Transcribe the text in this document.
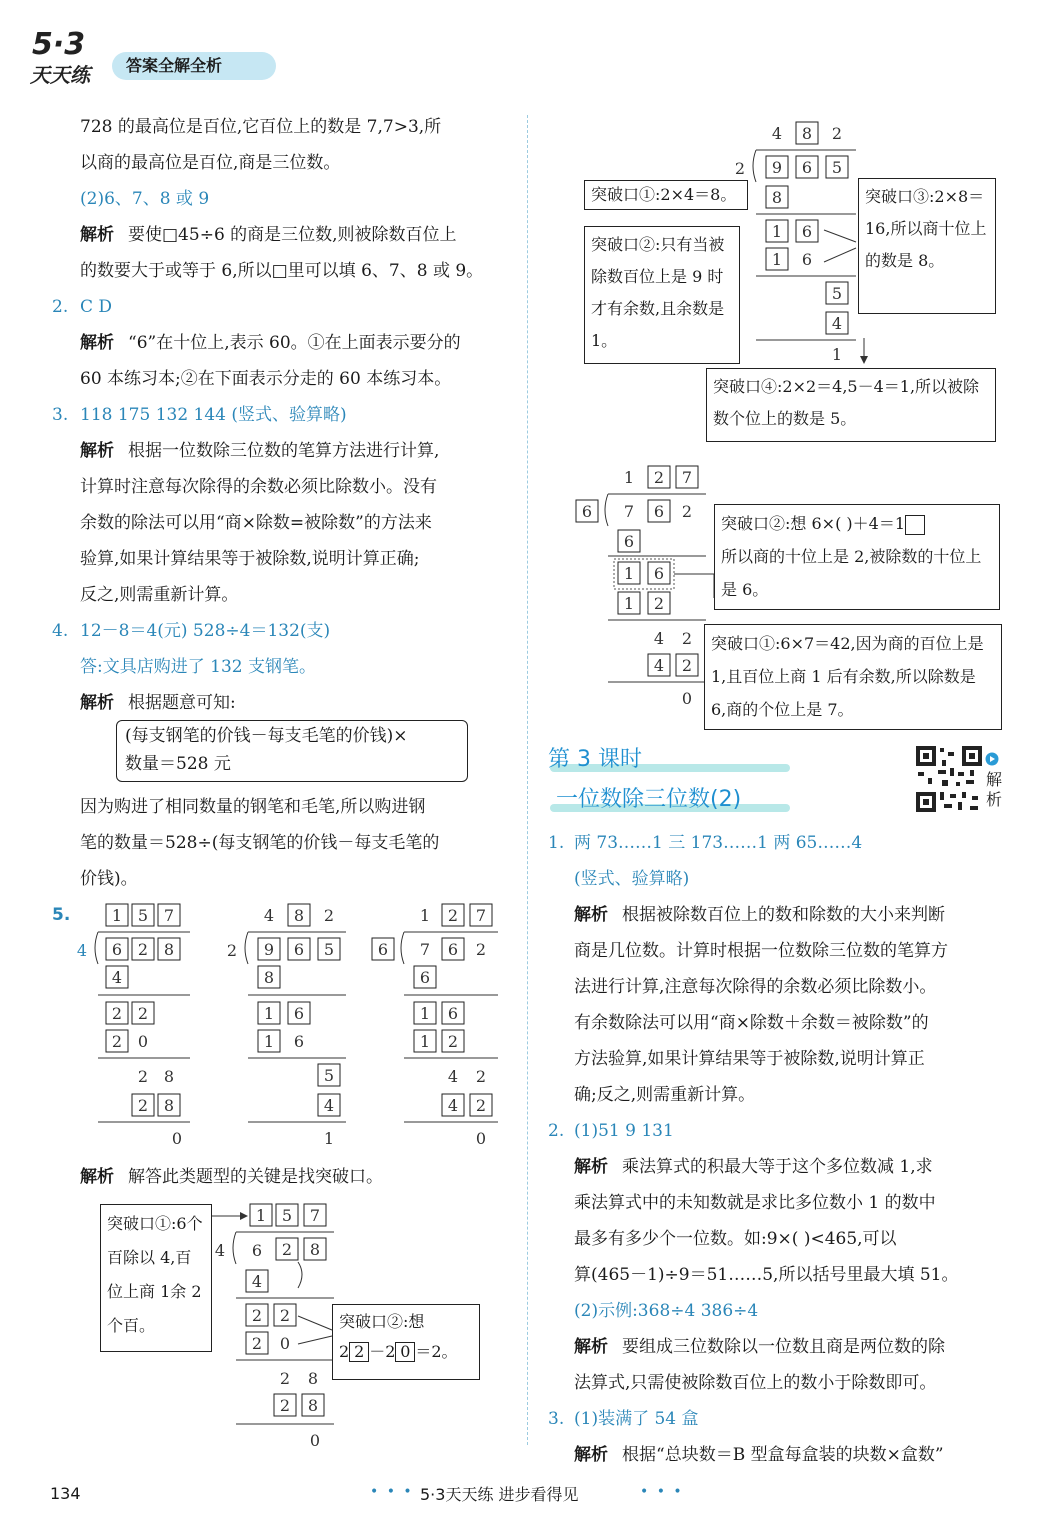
5·3
天天练	答案全解全析
728 的最高位是百位,它百位上的数是 7,7>3,所
以商的最高位是百位,商是三位数。
(2)6、7、8 或 9
解析 要使□45÷6 的商是三位数,则被除数百位上
的数要大于或等于 6,所以□里可以填 6、7、8 或 9。
2. C D
解析 “6”在十位上,表示 60。①在上面表示要分的
60 本练习本;②在下面表示分走的 60 本练习本。
3. 118 175 132 144 (竖式、验算略)
解析 根据一位数除三位数的笔算方法进行计算,
计算时注意每次除得的余数必须比除数小。没有
余数的除法可以用“商×除数=被除数”的方法来
验算,如果计算结果等于被除数,说明计算正确;
反之,则需重新计算。
4. 12－8＝4(元) 528÷4＝132(支)
答:文具店购进了 132 支钢笔。
解析 根据题意可知:
(每支钢笔的价钱－每支毛笔的价钱)×
数量＝528 元
因为购进了相同数量的钢笔和毛笔,所以购进钢
笔的数量＝528÷(每支钢笔的价钱－每支毛笔的
价钱)。
5.	1 5 7
4 6 2 8
4
2 2
2 0
2 8
2 8
0
4 8 2
2 9 6 5
8
1 6
1 6
5
4
1
1 2 7
6 7 6 2
6
1 6
1 2
4 2
4 2
0
解析 解答此类题型的关键是找突破口。
突破口①:6个百除以 4,百位上商 1余 2 个百。
1 5 7
4 6 2 8
4
2 2
2 0
2 8
2 8
0
突破口②:想
2 2 －2 0 ＝2。
4 8 2
2 9 6 5
8
1 6
1 6
5
4
1
突破口①:2×4＝8。
突破口②:只有当被除数百位上是 9 时才有余数,且余数是 1。
突破口③:2×8＝16,所以商十位上的数是 8。
突破口④:2×2＝4,5－4＝1,所以被除数个位上的数是 5。
1 2 7
6 7 6 2
6
1 6
1 2
4 2
4 2
0
突破口②:想 6×( )＋4＝1
所以商的十位上是 2,被除数的十位上是 6。
突破口①:6×7＝42,因为商的百位上是 1,且百位上商 1 后有余数,所以除数是 6,商的个位上是 7。
第 3 课时
一位数除三位数(2)
解析
1. 两 73……1 三 173……1 两 65……4
(竖式、验算略)
解析 根据被除数百位上的数和除数的大小来判断
商是几位数。计算时根据一位数除三位数的笔算方
法进行计算,注意每次除得的余数必须比除数小。
有余数除法可以用“商×除数＋余数＝被除数”的
方法验算,如果计算结果等于被除数,说明计算正
确;反之,则需重新计算。
2. (1)51 9 131
解析 乘法算式的积最大等于这个多位数减 1,求
乘法算式中的未知数就是求比多位数小 1 的数中
最多有多少个一位数。如:9×( )<465,可以
算(465－1)÷9＝51……5,所以括号里最大填 51。
(2)示例:368÷4 386÷4
解析 要组成三位数除以一位数且商是两位数的除
法算式,只需使被除数百位上的数小于除数即可。
3. (1)装满了 54 盒
解析 根据“总块数＝B 型盒每盒装的块数×盒数”
134	• • • 5·3天天练 进步看得见	• • •
